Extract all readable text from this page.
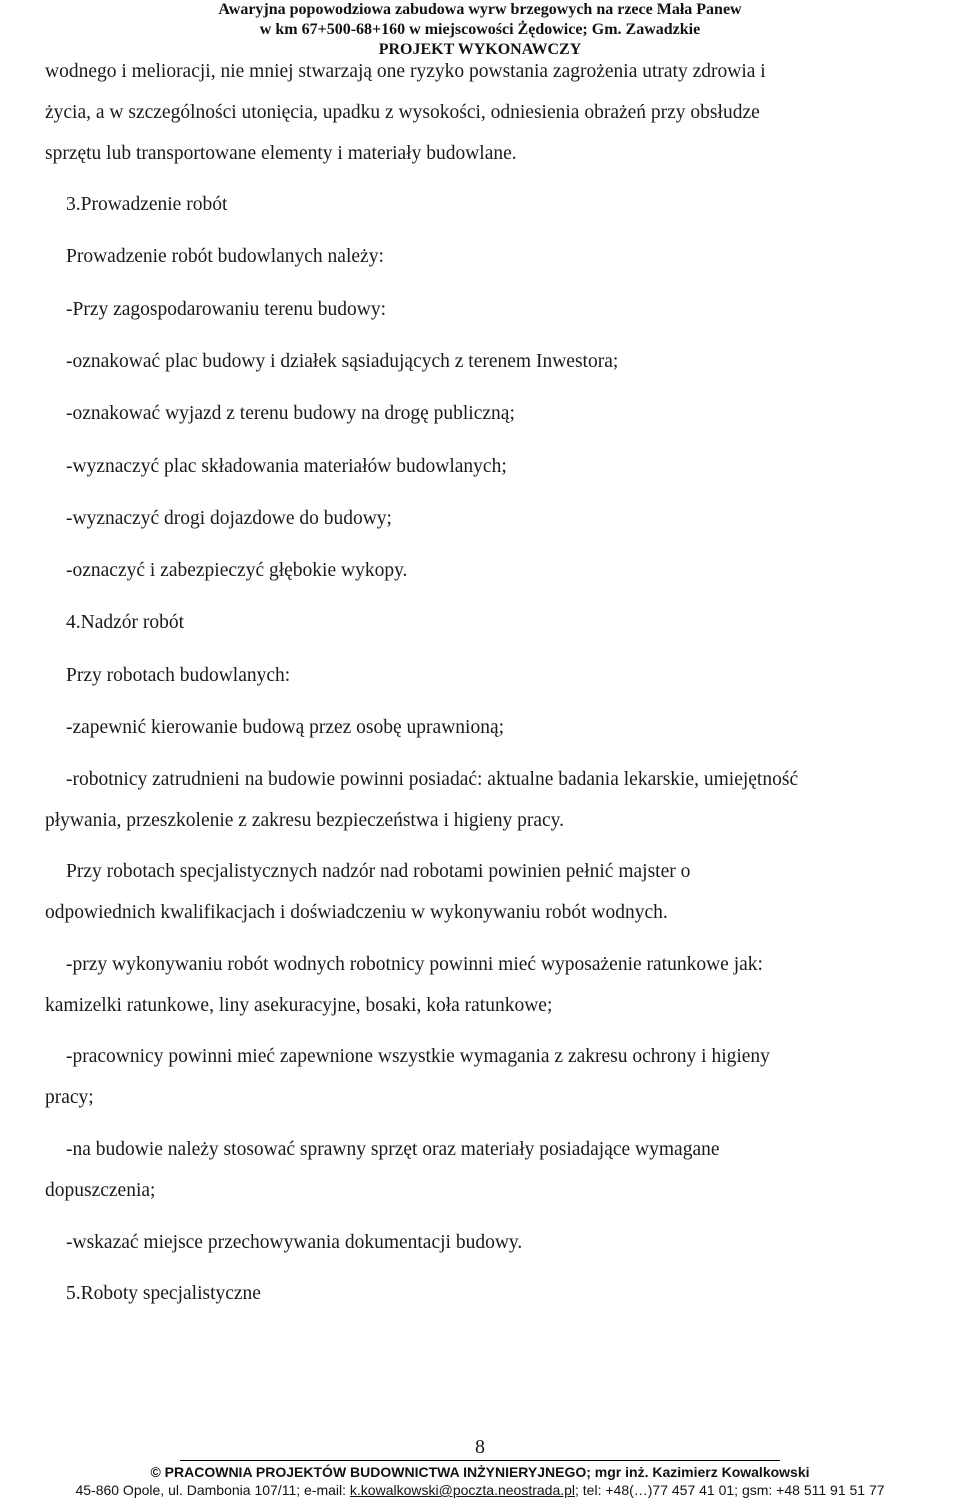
Awaryjna popowodziowa zabudowa wyrw brzegowych na rzece Mała Panew
w km 67+500-68+160 w miejscowości Żędowice; Gm. Zawadzkie
PROJEKT WYKONAWCZY
wodnego i melioracji, nie mniej stwarzają one ryzyko powstania zagrożenia utraty zdrowia i
życia, a w szczególności utonięcia, upadku z wysokości, odniesienia obrażeń przy obsłudze
sprzętu lub transportowane elementy i materiały budowlane.
3.Prowadzenie robót
Prowadzenie robót budowlanych należy:
-Przy zagospodarowaniu terenu budowy:
-oznakować plac budowy i działek sąsiadujących z terenem Inwestora;
-oznakować wyjazd z terenu budowy na drogę publiczną;
-wyznaczyć plac składowania materiałów budowlanych;
-wyznaczyć drogi dojazdowe do budowy;
-oznaczyć i zabezpieczyć głębokie wykopy.
4.Nadzór robót
Przy robotach budowlanych:
-zapewnić kierowanie budową przez osobę uprawnioną;
-robotnicy zatrudnieni na budowie powinni posiadać: aktualne badania lekarskie, umiejętność
pływania, przeszkolenie z zakresu bezpieczeństwa i higieny pracy.
Przy robotach specjalistycznych nadzór nad robotami powinien pełnić majster o
odpowiednich kwalifikacjach i doświadczeniu w wykonywaniu robót wodnych.
-przy wykonywaniu robót wodnych robotnicy powinni mieć wyposażenie ratunkowe jak:
kamizelki ratunkowe, liny asekuracyjne, bosaki, koła ratunkowe;
-pracownicy powinni mieć zapewnione wszystkie wymagania z zakresu ochrony i higieny
pracy;
-na budowie należy stosować sprawny sprzęt oraz materiały posiadające wymagane
dopuszczenia;
-wskazać miejsce przechowywania dokumentacji budowy.
5.Roboty specjalistyczne
8
© PRACOWNIA PROJEKTÓW BUDOWNICTWA INŻYNIERYJNEGO; mgr inż. Kazimierz Kowalkowski
45-860 Opole, ul. Dambonia 107/11; e-mail: k.kowalkowski@poczta.neostrada.pl; tel: +48(…)77 457 41 01; gsm: +48 511 91 51 77
